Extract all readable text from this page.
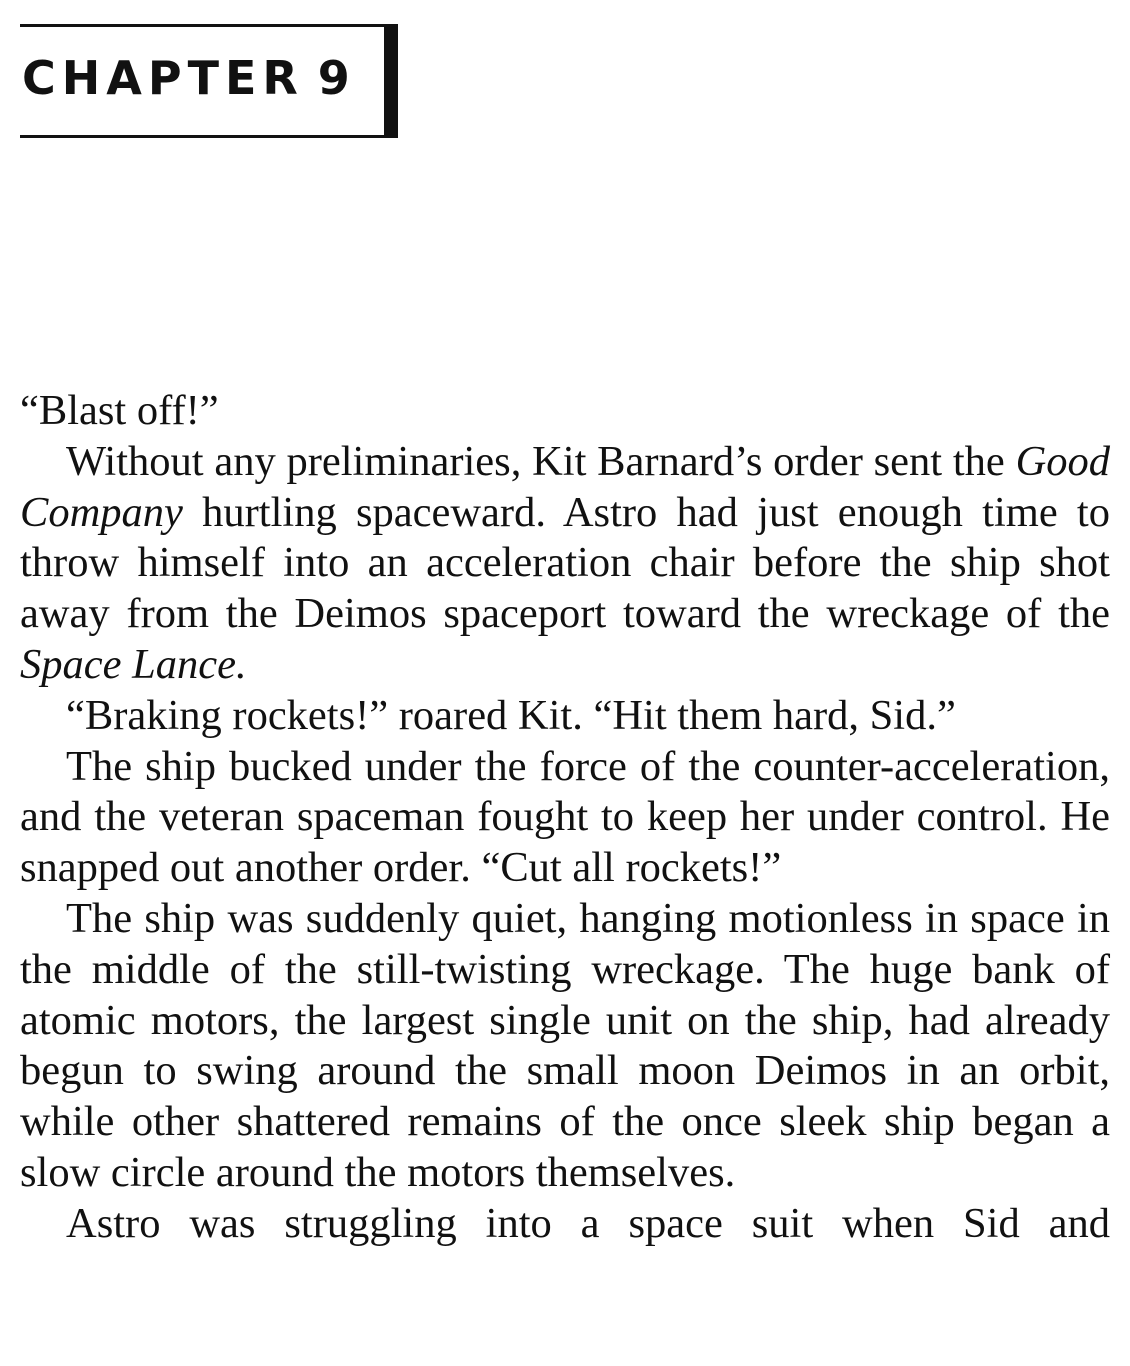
CHAPTER 9

“Blast off!”

Without any preliminaries, Kit Barnard’s order sent the Good Company hurtling spaceward. Astro had just enough time to throw himself into an acceleration chair before the ship shot away from the Deimos spaceport toward the wreckage of the Space Lance.

“Braking rockets!” roared Kit. “Hit them hard, Sid.”

The ship bucked under the force of the counter-acceleration, and the veteran spaceman fought to keep her under control. He snapped out another order. “Cut all rockets!”

The ship was suddenly quiet, hanging motionless in space in the middle of the still-twisting wreckage. The huge bank of atomic motors, the largest single unit on the ship, had already begun to swing around the small moon Deimos in an orbit, while other shattered remains of the once sleek ship began a slow circle around the motors themselves.

Astro was struggling into a space suit when Sid and
